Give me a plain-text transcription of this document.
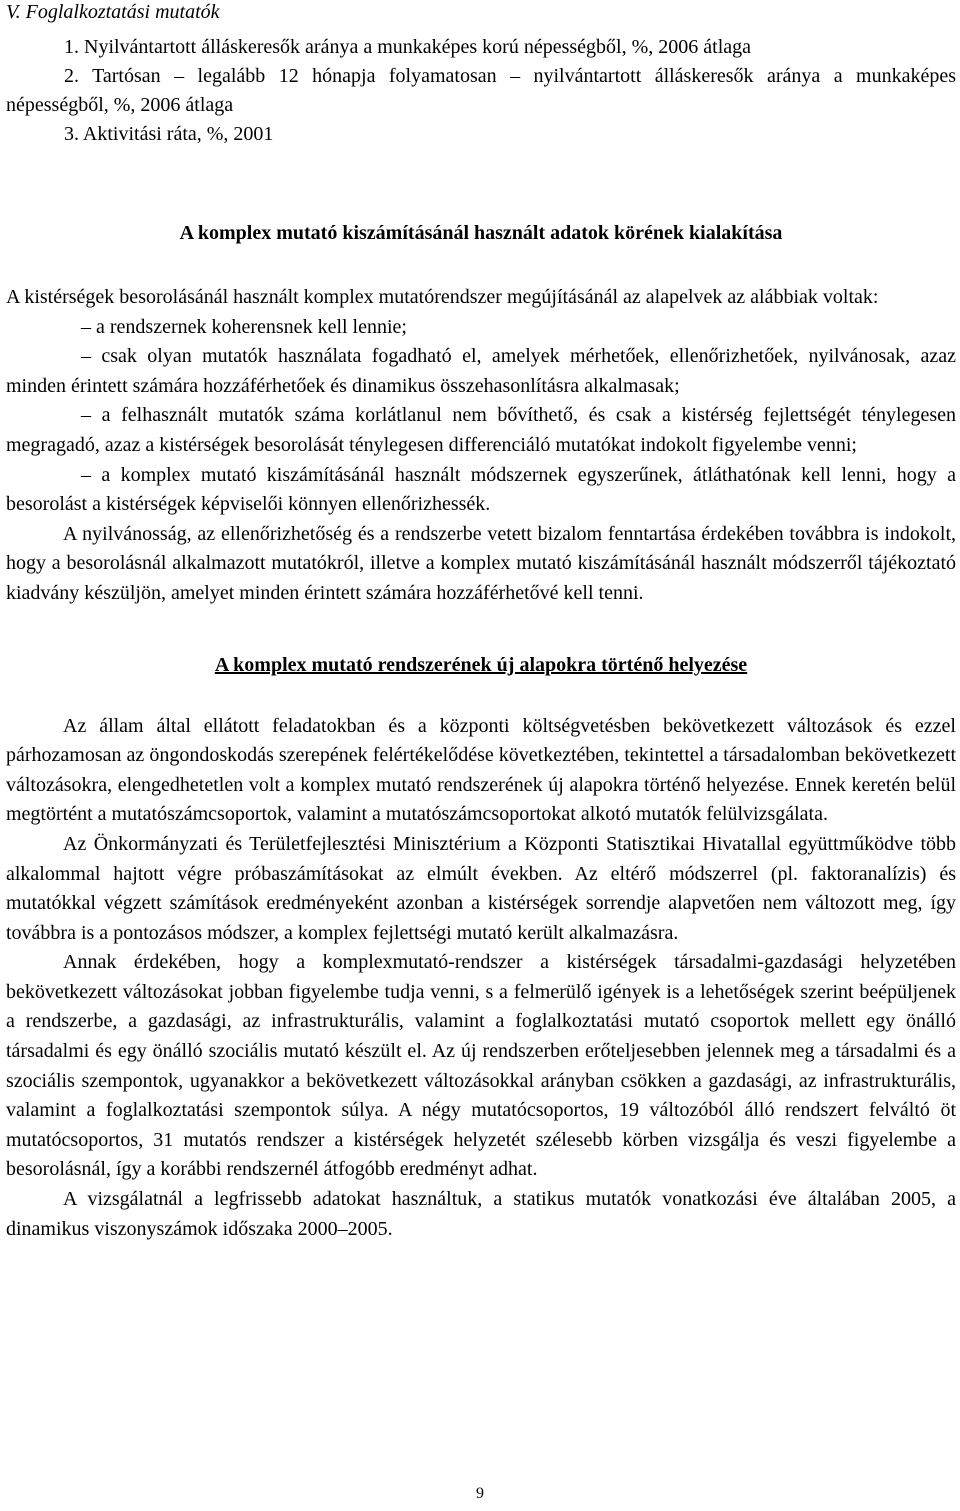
V. Foglalkoztatási mutatók
1. Nyilvántartott álláskeresők aránya a munkaképes korú népességből, %, 2006 átlaga
2. Tartósan – legalább 12 hónapja folyamatosan – nyilvántartott álláskeresők aránya a munkaképes népességből, %, 2006 átlaga
3. Aktivitási ráta, %, 2001
A komplex mutató kiszámításánál használt adatok körének kialakítása

A kistérségek besorolásánál használt komplex mutatórendszer megújításánál az alapelvek az alábbiak voltak:

– a rendszernek koherensnek kell lennie;

– csak olyan mutatók használata fogadható el, amelyek mérhetőek, ellenőrizhetőek, nyilvánosak, azaz minden érintett számára hozzáférhetőek és dinamikus összehasonlításra alkalmasak;

– a felhasznált mutatók száma korlátlanul nem bővíthető, és csak a kistérség fejlettségét ténylegesen megragadó, azaz a kistérségek besorolását ténylegesen differenciáló mutatókat indokolt figyelembe venni;

– a komplex mutató kiszámításánál használt módszernek egyszerűnek, átláthatónak kell lenni, hogy a besorolást a kistérségek képviselői könnyen ellenőrizhessék.

A nyilvánosság, az ellenőrizhetőség és a rendszerbe vetett bizalom fenntartása érdekében továbbra is indokolt, hogy a besorolásnál alkalmazott mutatókról, illetve a komplex mutató kiszámításánál használt módszerről tájékoztató kiadvány készüljön, amelyet minden érintett számára hozzáférhetővé kell tenni.

A komplex mutató rendszerének új alapokra történő helyezése

Az állam által ellátott feladatokban és a központi költségvetésben bekövetkezett változások és ezzel párhozamosan az öngondoskodás szerepének felértékelődése következtében, tekintettel a társadalomban bekövetkezett változásokra, elengedhetetlen volt a komplex mutató rendszerének új alapokra történő helyezése. Ennek keretén belül megtörtént a mutatószámcsoportok, valamint a mutatószámcsoportokat alkotó mutatók felülvizsgálata.

Az Önkormányzati és Területfejlesztési Minisztérium a Központi Statisztikai Hivatallal együttműködve több alkalommal hajtott végre próbaszámításokat az elmúlt években. Az eltérő módszerrel (pl. faktoranalízis) és mutatókkal végzett számítások eredményeként azonban a kistérségek sorrendje alapvetően nem változott meg, így továbbra is a pontozásos módszer, a komplex fejlettségi mutató került alkalmazásra.

Annak érdekében, hogy a komplexmutató-rendszer a kistérségek társadalmi-gazdasági helyzetében bekövetkezett változásokat jobban figyelembe tudja venni, s a felmerülő igények is a lehetőségek szerint beépüljenek a rendszerbe, a gazdasági, az infrastrukturális, valamint a foglalkoztatási mutató csoportok mellett egy önálló társadalmi és egy önálló szociális mutató készült el. Az új rendszerben erőteljesebben jelennek meg a társadalmi és a szociális szempontok, ugyanakkor a bekövetkezett változásokkal arányban csökken a gazdasági, az infrastrukturális, valamint a foglalkoztatási szempontok súlya. A négy mutatócsoportos, 19 változóból álló rendszert felváltó öt mutatócsoportos, 31 mutatós rendszer a kistérségek helyzetét szélesebb körben vizsgálja és veszi figyelembe a besorolásnál, így a korábbi rendszernél átfogóbb eredményt adhat.

A vizsgálatnál a legfrissebb adatokat használtuk, a statikus mutatók vonatkozási éve általában 2005, a dinamikus viszonyszámok időszaka 2000–2005.

9
